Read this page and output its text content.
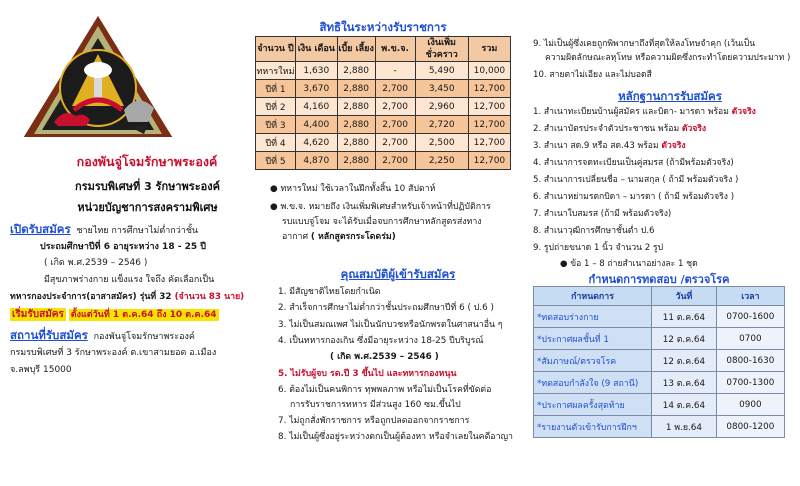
กองพันจู่โจมรักษาพระองค์
กรมรบพิเศษที่ 3 รักษาพระองค์
หน่วยบัญชาการสงครามพิเศษ
เปิดรับสมัคร ชายไทย การศึกษาไม่ต่ำกว่าชั้น
ประถมศึกษาปีที่ 6 อายุระหว่าง 18 - 25 ปี
( เกิด พ.ศ.2539 – 2546 )
มีสุขภาพร่างกาย แข็งแรง ใจถึง คัดเลือกเป็น
ทหารกองประจำการ(อาสาสมัคร) รุ่นที่ 32 (จำนวน 83 นาย)
เริ่มรับสมัคร ตั้งแต่วันที่ 1 ต.ค.64 ถึง 10 ต.ค.64
สถานที่รับสมัคร กองพันจู่โจมรักษาพระองค์
กรมรบพิเศษที่ 3 รักษาพระองค์ ต.เขาสามยอด อ.เมือง
จ.ลพบุรี 15000
สิทธิในระหว่างรับราชการ
จำนวน ปี	เงิน เดือน	เบี้ย เลี้ยง	พ.ข.จ.	เงินเพิ่ม ชั่วคราว	รวม
ทหารใหม่	1,630	2,880	-	5,490	10,000
ปีที่ 1	3,670	2,880	2,700	3,450	12,700
ปีที่ 2	4,160	2,880	2,700	2,960	12,700
ปีที่ 3	4,400	2,880	2,700	2,720	12,700
ปีที่ 4	4,620	2,880	2,700	2,500	12,700
ปีที่ 5	4,870	2,880	2,700	2,250	12,700
● ทหารใหม่ ใช้เวลาในฝึกทั้งสิ้น 10 สัปดาห์
● พ.ข.จ. หมายถึง เงินเพิ่มพิเศษสำหรับเจ้าหน้าที่ปฏิบัติการ
รบแบบจู่โจม จะได้รับเมื่อจบการศึกษาหลักสูตรส่งทาง
อากาศ ( หลักสูตรกระโดดร่ม)
คุณสมบัติผู้เข้ารับสมัคร
1. มีสัญชาติไทยโดยกำเนิด
2. สำเร็จการศึกษาไม่ต่ำกว่าชั้นประถมศึกษาปีที่ 6 ( ป.6 )
3. ไม่เป็นสมณเพศ ไม่เป็นนักบวชหรือนักพรตในศาสนาอื่น ๆ
4. เป็นทหารกองเกิน ซึ่งมีอายุระหว่าง 18-25 ปีบริบูรณ์
( เกิด พ.ศ.2539 – 2546 )
5. ไม่รับผู้จบ รด.ปี 3 ขึ้นไป และทหารกองหนุน
6. ต้องไม่เป็นคนพิการ ทุพพลภาพ หรือไม่เป็นโรคที่ขัดต่อ
การรับราชการทหาร มีส่วนสูง 160 ซม.ขึ้นไป
7. ไม่ถูกสั่งพักราชการ หรือถูกปลดออกจากราชการ
8. ไม่เป็นผู้ซึ่งอยู่ระหว่างตกเป็นผู้ต้องหา หรือจำเลยในคดีอาญา
9. ไม่เป็นผู้ซึ่งเคยถูกพิพากษาถึงที่สุดให้ลงโทษจำคุก (เว้นเป็น
ความผิดลักษณะลหุโทษ หรือความผิดซึ่งกระทำโดยความประมาท )
10. สายตาไม่เอียง และไม่บอดสี
หลักฐานการรับสมัคร
1. สำเนาทะเบียนบ้านผู้สมัคร และบิดา- มารดา พร้อม ตัวจริง
2. สำเนาบัตรประจำตัวประชาชน พร้อม ตัวจริง
3. สำเนา สด.9 หรือ สด.43 พร้อม ตัวจริง
4. สำเนาการจดทะเบียนเป็นคู่สมรส (ถ้ามีพร้อมตัวจริง)
5. สำเนาการเปลี่ยนชื่อ – นามสกุล ( ถ้ามี พร้อมตัวจริง )
6. สำเนาหย่ามรดกบิดา – มารดา ( ถ้ามี พร้อมตัวจริง )
7. สำเนาใบสมรส (ถ้ามี พร้อมตัวจริง)
8. สำเนาวุฒิการศึกษาชั้นต่ำ ป.6
9. รูปถ่ายขนาด 1 นิ้ว จำนวน 2 รูป
● ข้อ 1 – 8 ถ่ายสำเนาอย่างละ 1 ชุด
กำหนดการทดสอบ /ตรวจโรค
กำหนดการ	วันที่	เวลา
*ทดสอบร่างกาย	11 ต.ค.64	0700-1600
*ประกาศผลชั้นที่ 1	12 ต.ค.64	0700
*สัมภาษณ์/ตรวจโรค	12 ต.ค.64	0800-1630
*ทดสอบกำลังใจ (9 สถานี)	13 ต.ค.64	0700-1300
*ประกาศผลครั้งสุดท้าย	14 ต.ค.64	0900
*รายงานตัวเข้ารับการฝึกฯ	1 พ.ย.64	0800-1200
